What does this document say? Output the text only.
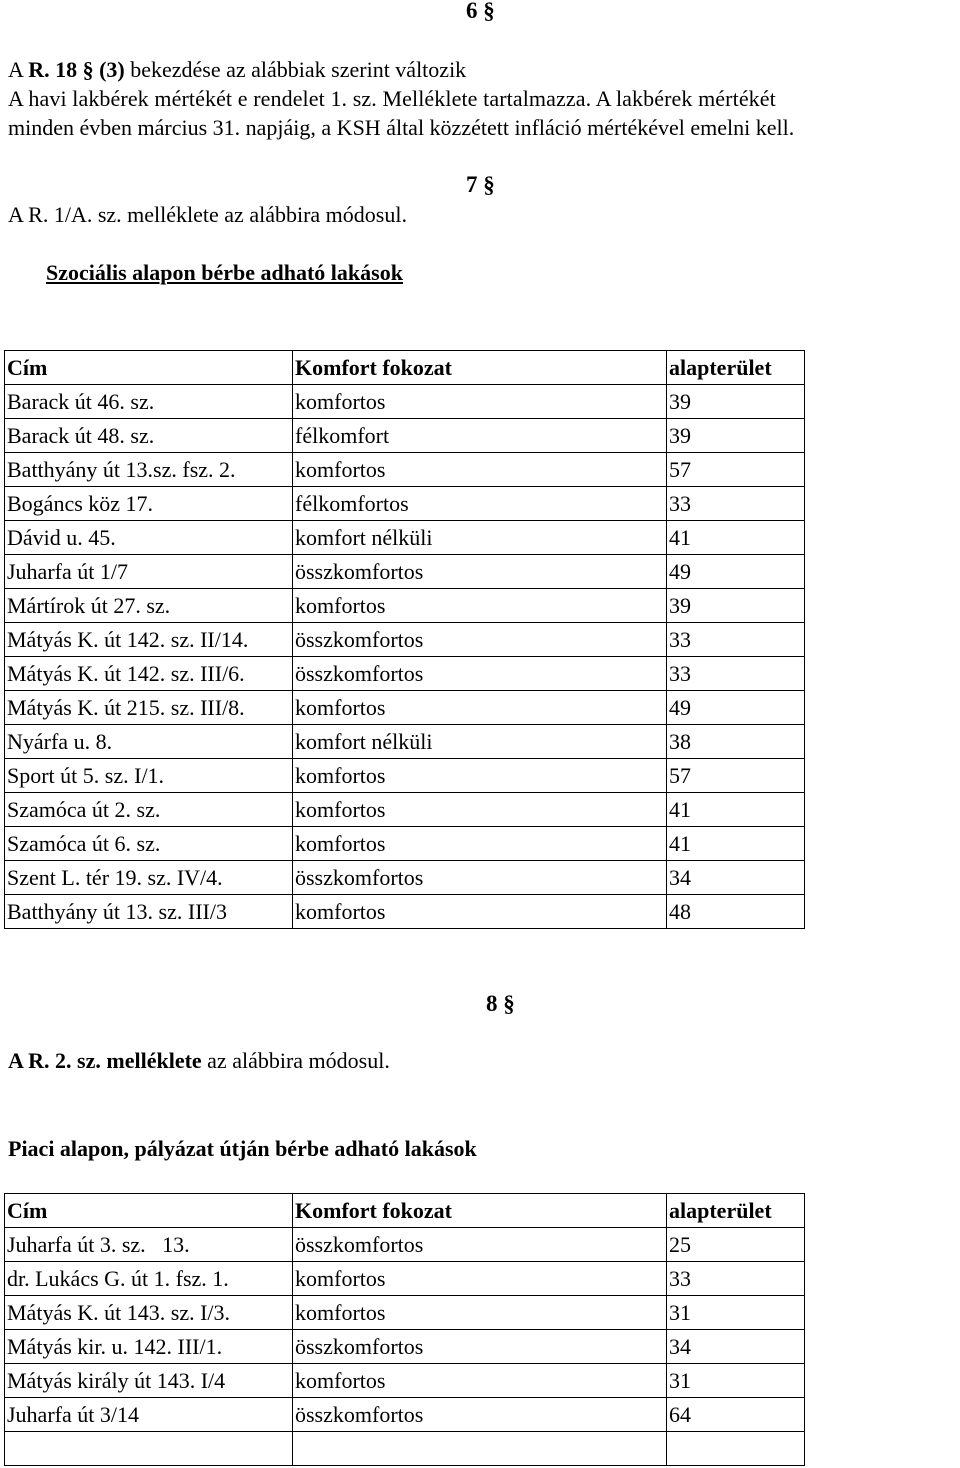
6 §
A R. 18 § (3) bekezdése az alábbiak szerint változik
A havi lakbérek mértékét e rendelet 1. sz. Melléklete tartalmazza. A lakbérek mértékét
minden évben március 31. napjáig, a KSH által közzétett infláció mértékével emelni kell.
7 §
A R. 1/A. sz. melléklete az alábbira módosul.
Szociális alapon bérbe adható lakások
Cím	Komfort fokozat	alapterület
Barack út 46. sz.	komfortos	39
Barack út 48. sz.	félkomfort	39
Batthyány út 13.sz. fsz. 2.	komfortos	57
Bogáncs köz 17.	félkomfortos	33
Dávid u. 45.	komfort nélküli	41
Juharfa út 1/7	összkomfortos	49
Mártírok út 27. sz.	komfortos	39
Mátyás K. út 142. sz. II/14.	összkomfortos	33
Mátyás K. út 142. sz. III/6.	összkomfortos	33
Mátyás K. út 215. sz. III/8.	komfortos	49
Nyárfa u. 8.	komfort nélküli	38
Sport út 5. sz. I/1.	komfortos	57
Szamóca út 2. sz.	komfortos	41
Szamóca út 6. sz.	komfortos	41
Szent L. tér 19. sz. IV/4.	összkomfortos	34
Batthyány út 13. sz. III/3	komfortos	48
8 §
A R. 2. sz. melléklete az alábbira módosul.
Piaci alapon, pályázat útján bérbe adható lakások
Cím	Komfort fokozat	alapterület
Juharfa út 3. sz.   13.	összkomfortos	25
dr. Lukács G. út 1. fsz. 1.	komfortos	33
Mátyás K. út 143. sz. I/3.	komfortos	31
Mátyás kir. u. 142. III/1.	összkomfortos	34
Mátyás király út 143. I/4	komfortos	31
Juharfa út 3/14	összkomfortos	64
